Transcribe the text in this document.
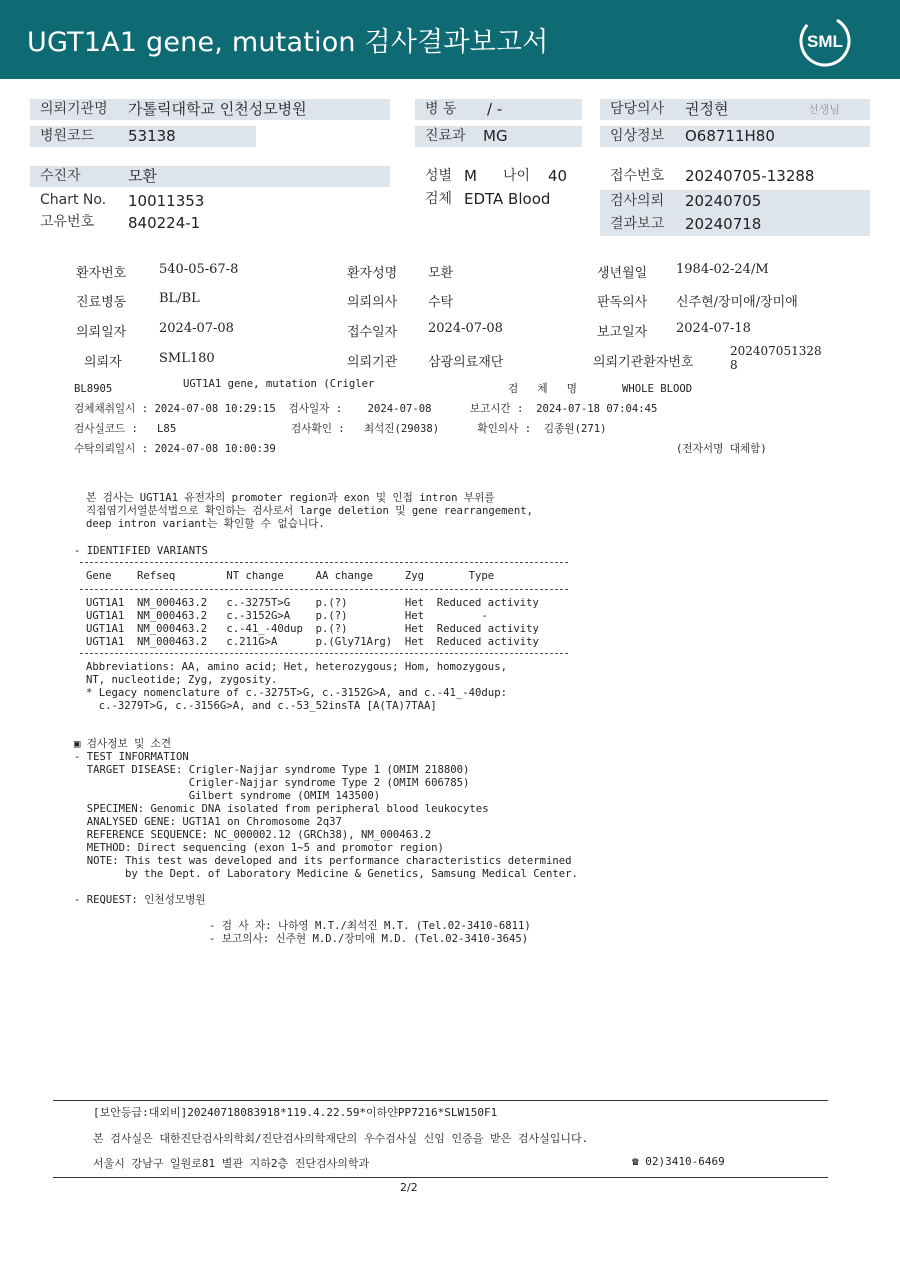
UGT1A1 gene, mutation 검사결과보고서	SML
의뢰기관명 가톨릭대학교 인천성모병원
병원코드 53138
병 동 / -
진료과 MG
담당의사 권정현	선생님
임상정보 O68711H80
수진자	모환
Chart No. 10011353
고유번호 840224-1
성별 M 나이 40
검체 EDTA Blood
접수번호 20240705-13288
검사의뢰 20240705
결과보고 20240718
환자번호	540-05-67-8	환자성명 모환	생년월일 1984-02-24/M
진료병동	BL/BL	의뢰의사 수탁	판독의사 신주현/장미애/장미애
의뢰일자	2024-07-08	접수일자 2024-07-08	보고일자 2024-07-18
의뢰자	SML180	의뢰기관 삼광의료재단	의뢰기관환자번호
202407051328
8
BL8905	UGT1A1 gene, mutation (Crigler	검   체   명	WHOLE BLOOD
검체채취일시 : 2024-07-08 10:29:15  검사일자 :    2024-07-08      보고시간 :  2024-07-18 07:04:45
검사실코드 :   L85                  검사확인 :   최석진(29038)      확인의사 :  김종원(271)
수탁의뢰일시 : 2024-07-08 10:00:39	(전자서명 대체함)
본 검사는 UGT1A1 유전자의 promoter region과 exon 및 인접 intron 부위를
직접염기서열분석법으로 확인하는 검사로서 large deletion 및 gene rearrangement,
deep intron variant는 확인할 수 없습니다.
- IDENTIFIED VARIANTS
Gene    Refseq        NT change     AA change     Zyg       Type
UGT1A1  NM_000463.2   c.-3275T>G    p.(?)         Het  Reduced activity
UGT1A1  NM_000463.2   c.-3152G>A    p.(?)         Het         -
UGT1A1  NM_000463.2   c.-41_-40dup  p.(?)         Het  Reduced activity
UGT1A1  NM_000463.2   c.211G>A      p.(Gly71Arg)  Het  Reduced activity
Abbreviations: AA, amino acid; Het, heterozygous; Hom, homozygous,
NT, nucleotide; Zyg, zygosity.
* Legacy nomenclature of c.-3275T>G, c.-3152G>A, and c.-41_-40dup:
c.-3279T>G, c.-3156G>A, and c.-53_52insTA [A(TA)7TAA]
▣ 검사정보 및 소견
- TEST INFORMATION
TARGET DISEASE: Crigler-Najjar syndrome Type 1 (OMIM 218800)
Crigler-Najjar syndrome Type 2 (OMIM 606785)
Gilbert syndrome (OMIM 143500)
SPECIMEN: Genomic DNA isolated from peripheral blood leukocytes
ANALYSED GENE: UGT1A1 on Chromosome 2q37
REFERENCE SEQUENCE: NC_000002.12 (GRCh38), NM_000463.2
METHOD: Direct sequencing (exon 1~5 and promotor region)
NOTE: This test was developed and its performance characteristics determined
by the Dept. of Laboratory Medicine & Genetics, Samsung Medical Center.
- REQUEST: 인천성모병원
- 검 사 자: 나하영 M.T./최석진 M.T. (Tel.02-3410-6811)
- 보고의사: 신주현 M.D./장미애 M.D. (Tel.02-3410-3645)
[보안등급:대외비]20240718083918*119.4.22.59*이하얀PP7216*SLW150F1
본 검사실은 대한진단검사의학회/진단검사의학재단의 우수검사실 신임 인증을 받은 검사실입니다.
서울시 강남구 일원로81 별관 지하2층 진단검사의학과	☎ 02)3410-6469
2/2
